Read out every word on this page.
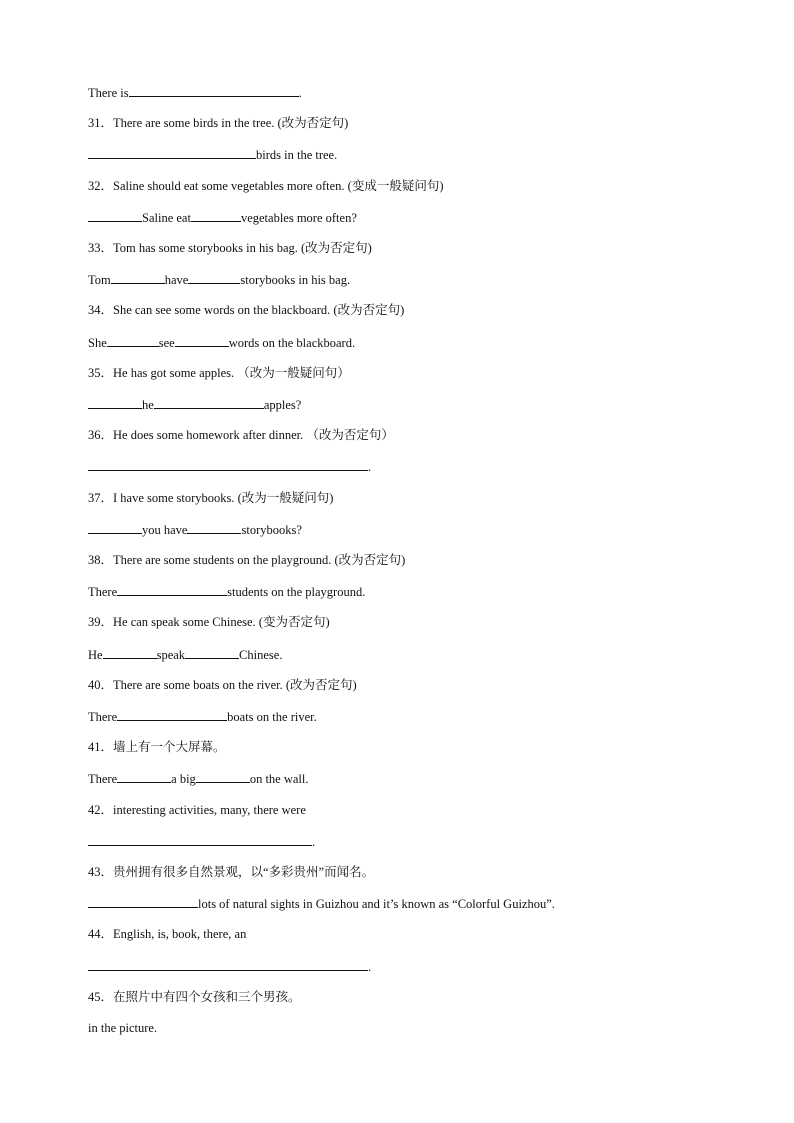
There is	.
31．There are some birds in the tree. (改为否定句)
birds in the tree.
32．Saline should eat some vegetables more often. (变成一般疑问句)
Saline eat	vegetables more often?
33．Tom has some storybooks in his bag. (改为否定句)
Tom	have	storybooks in his bag.
34．She can see some words on the blackboard. (改为否定句)
She	see	words on the blackboard.
35．He has got some apples. （改为一般疑问句）
he	apples?
36．He does some homework after dinner. （改为否定句）
.
37．I have some storybooks. (改为一般疑问句)
you have	storybooks?
38．There are some students on the playground. (改为否定句)
There	students on the playground.
39．He can speak some Chinese. (变为否定句)
He	speak	Chinese.
40．There are some boats on the river. (改为否定句)
There	boats on the river.
41．墙上有一个大屏幕。
There	a big	on the wall.
42．interesting activities, many, there were
.
43．贵州拥有很多自然景观，以“多彩贵州”而闻名。
lots of natural sights in Guizhou and it’s known as “Colorful Guizhou”.
44．English, is, book, there, an
.
45．在照片中有四个女孩和三个男孩。
in the picture.
